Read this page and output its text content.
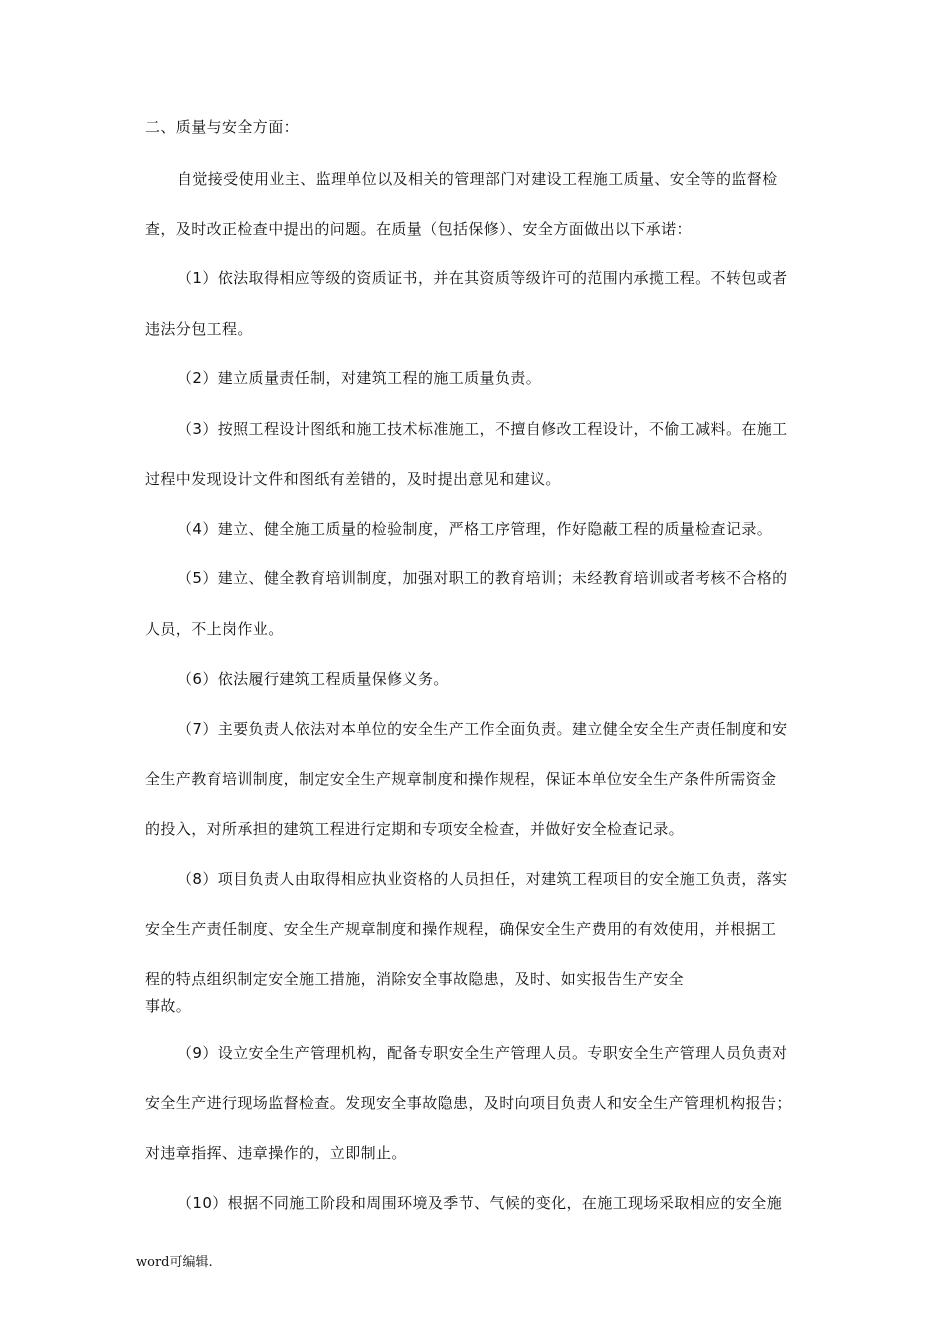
二、质量与安全方面：
自觉接受使用业主、监理单位以及相关的管理部门对建设工程施工质量、安全等的监督检
查，及时改正检查中提出的问题。在质量（包括保修）、安全方面做出以下承诺：
（1）依法取得相应等级的资质证书，并在其资质等级许可的范围内承揽工程。不转包或者
违法分包工程。
（2）建立质量责任制，对建筑工程的施工质量负责。
（3）按照工程设计图纸和施工技术标准施工，不擅自修改工程设计，不偷工减料。在施工
过程中发现设计文件和图纸有差错的，及时提出意见和建议。
（4）建立、健全施工质量的检验制度，严格工序管理，作好隐蔽工程的质量检查记录。
（5）建立、健全教育培训制度，加强对职工的教育培训；未经教育培训或者考核不合格的
人员，不上岗作业。
（6）依法履行建筑工程质量保修义务。
（7）主要负责人依法对本单位的安全生产工作全面负责。建立健全安全生产责任制度和安
全生产教育培训制度，制定安全生产规章制度和操作规程，保证本单位安全生产条件所需资金
的投入，对所承担的建筑工程进行定期和专项安全检查，并做好安全检查记录。
（8）项目负责人由取得相应执业资格的人员担任，对建筑工程项目的安全施工负责，落实
安全生产责任制度、安全生产规章制度和操作规程，确保安全生产费用的有效使用，并根据工
程的特点组织制定安全施工措施，消除安全事故隐患，及时、如实报告生产安全
事故。
（9）设立安全生产管理机构，配备专职安全生产管理人员。专职安全生产管理人员负责对
安全生产进行现场监督检查。发现安全事故隐患，及时向项目负责人和安全生产管理机构报告；
对违章指挥、违章操作的，立即制止。
（10）根据不同施工阶段和周围环境及季节、气候的变化，在施工现场采取相应的安全施
word可编辑.
